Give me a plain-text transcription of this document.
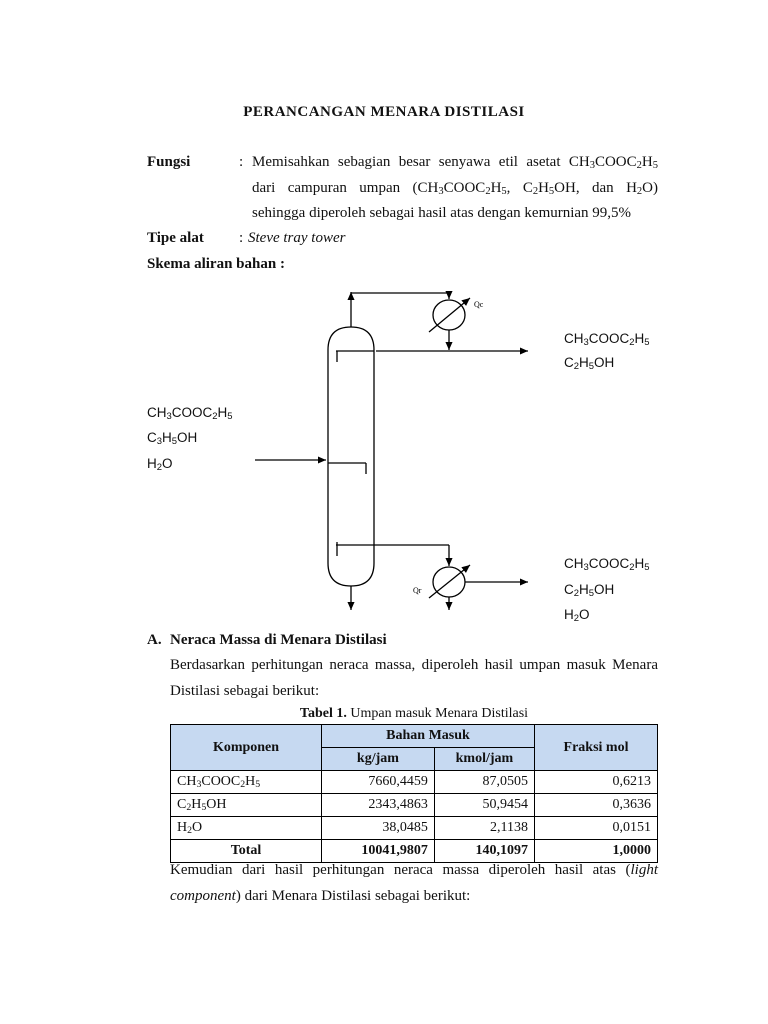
PERANCANGAN MENARA DISTILASI
Fungsi	: Memisahkan sebagian besar senyawa etil asetat $CH_3COOC_2H_5$
dari campuran umpan ($CH_3COOC_2H_5$, $C_2H_5OH$, dan $H_2O$)
sehingga diperoleh sebagai hasil atas dengan kemurnian 99,5%
Tipe alat : Steve tray tower
Skema aliran bahan :
Qc
Qr
$CH_3COOC_2H_5$
$C_3H_5OH$
$H_2O$
$CH_3COOC_2H_5$
$C_2H_5OH$
$CH_3COOC_2H_5$
$C_2H_5OH$
$H_2O$
A. Neraca Massa di Menara Distilasi
Berdasarkan perhitungan neraca massa, diperoleh hasil umpan masuk Menara
Distilasi sebagai berikut:
Tabel 1. Umpan masuk Menara Distilasi
Komponen	Bahan Masuk		Fraksi mol
	kg/jam	kmol/jam	
$CH_3COOC_2H_5$	7660,4459	87,0505	0,6213
$C_2H_5OH$	2343,4863	50,9454	0,3636
$H_2O$	38,0485	2,1138	0,0151
Total	10041,9807	140,1097	1,0000
Kemudian dari hasil perhitungan neraca massa diperoleh hasil atas (light
component) dari Menara Distilasi sebagai berikut:
